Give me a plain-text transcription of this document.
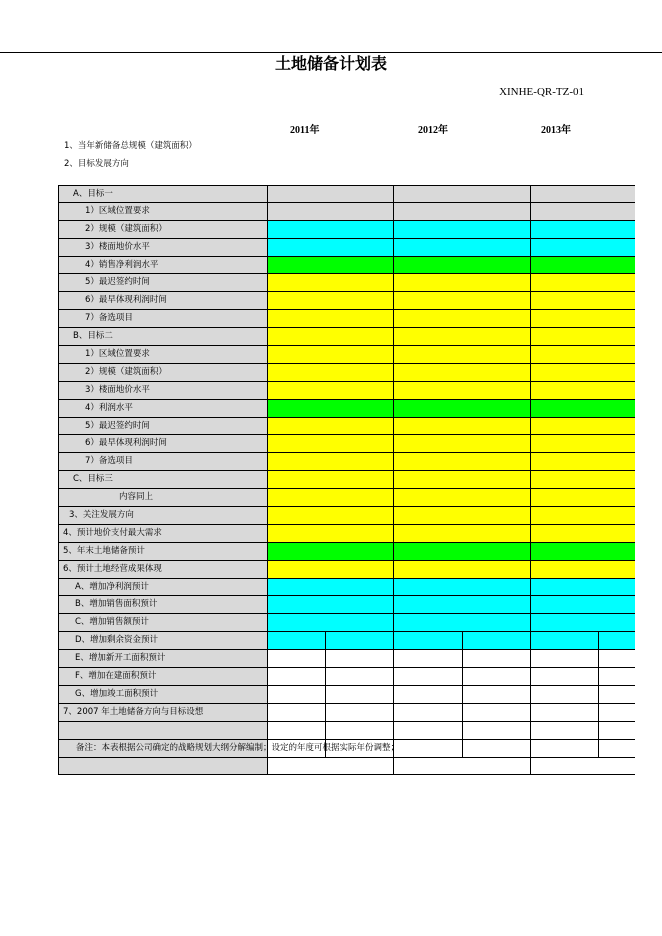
土地储备计划表
XINHE-QR-TZ-01
2011年	2012年	2013年
1、当年新储备总规模（建筑面积）
2、目标发展方向
A、目标一
1）区域位置要求
2）规模（建筑面积）
3）楼面地价水平
4）销售净利润水平
5）最迟签约时间
6）最早体现利润时间
7）备选项目
B、目标二
1）区域位置要求
2）规模（建筑面积）
3）楼面地价水平
4）利润水平
5）最迟签约时间
6）最早体现利润时间
7）备选项目
C、目标三
内容同上
3、关注发展方向
4、预计地价支付最大需求
5、年末土地储备预计
6、预计土地经营成果体现
A、增加净利润预计
B、增加销售面积预计
C、增加销售额预计
D、增加剩余资金预计
E、增加新开工面积预计
F、增加在建面积预计
G、增加竣工面积预计
7、2007 年土地储备方向与目标设想
备注：本表根据公司确定的战略规划大纲分解编制；设定的年度可根据实际年份调整；
